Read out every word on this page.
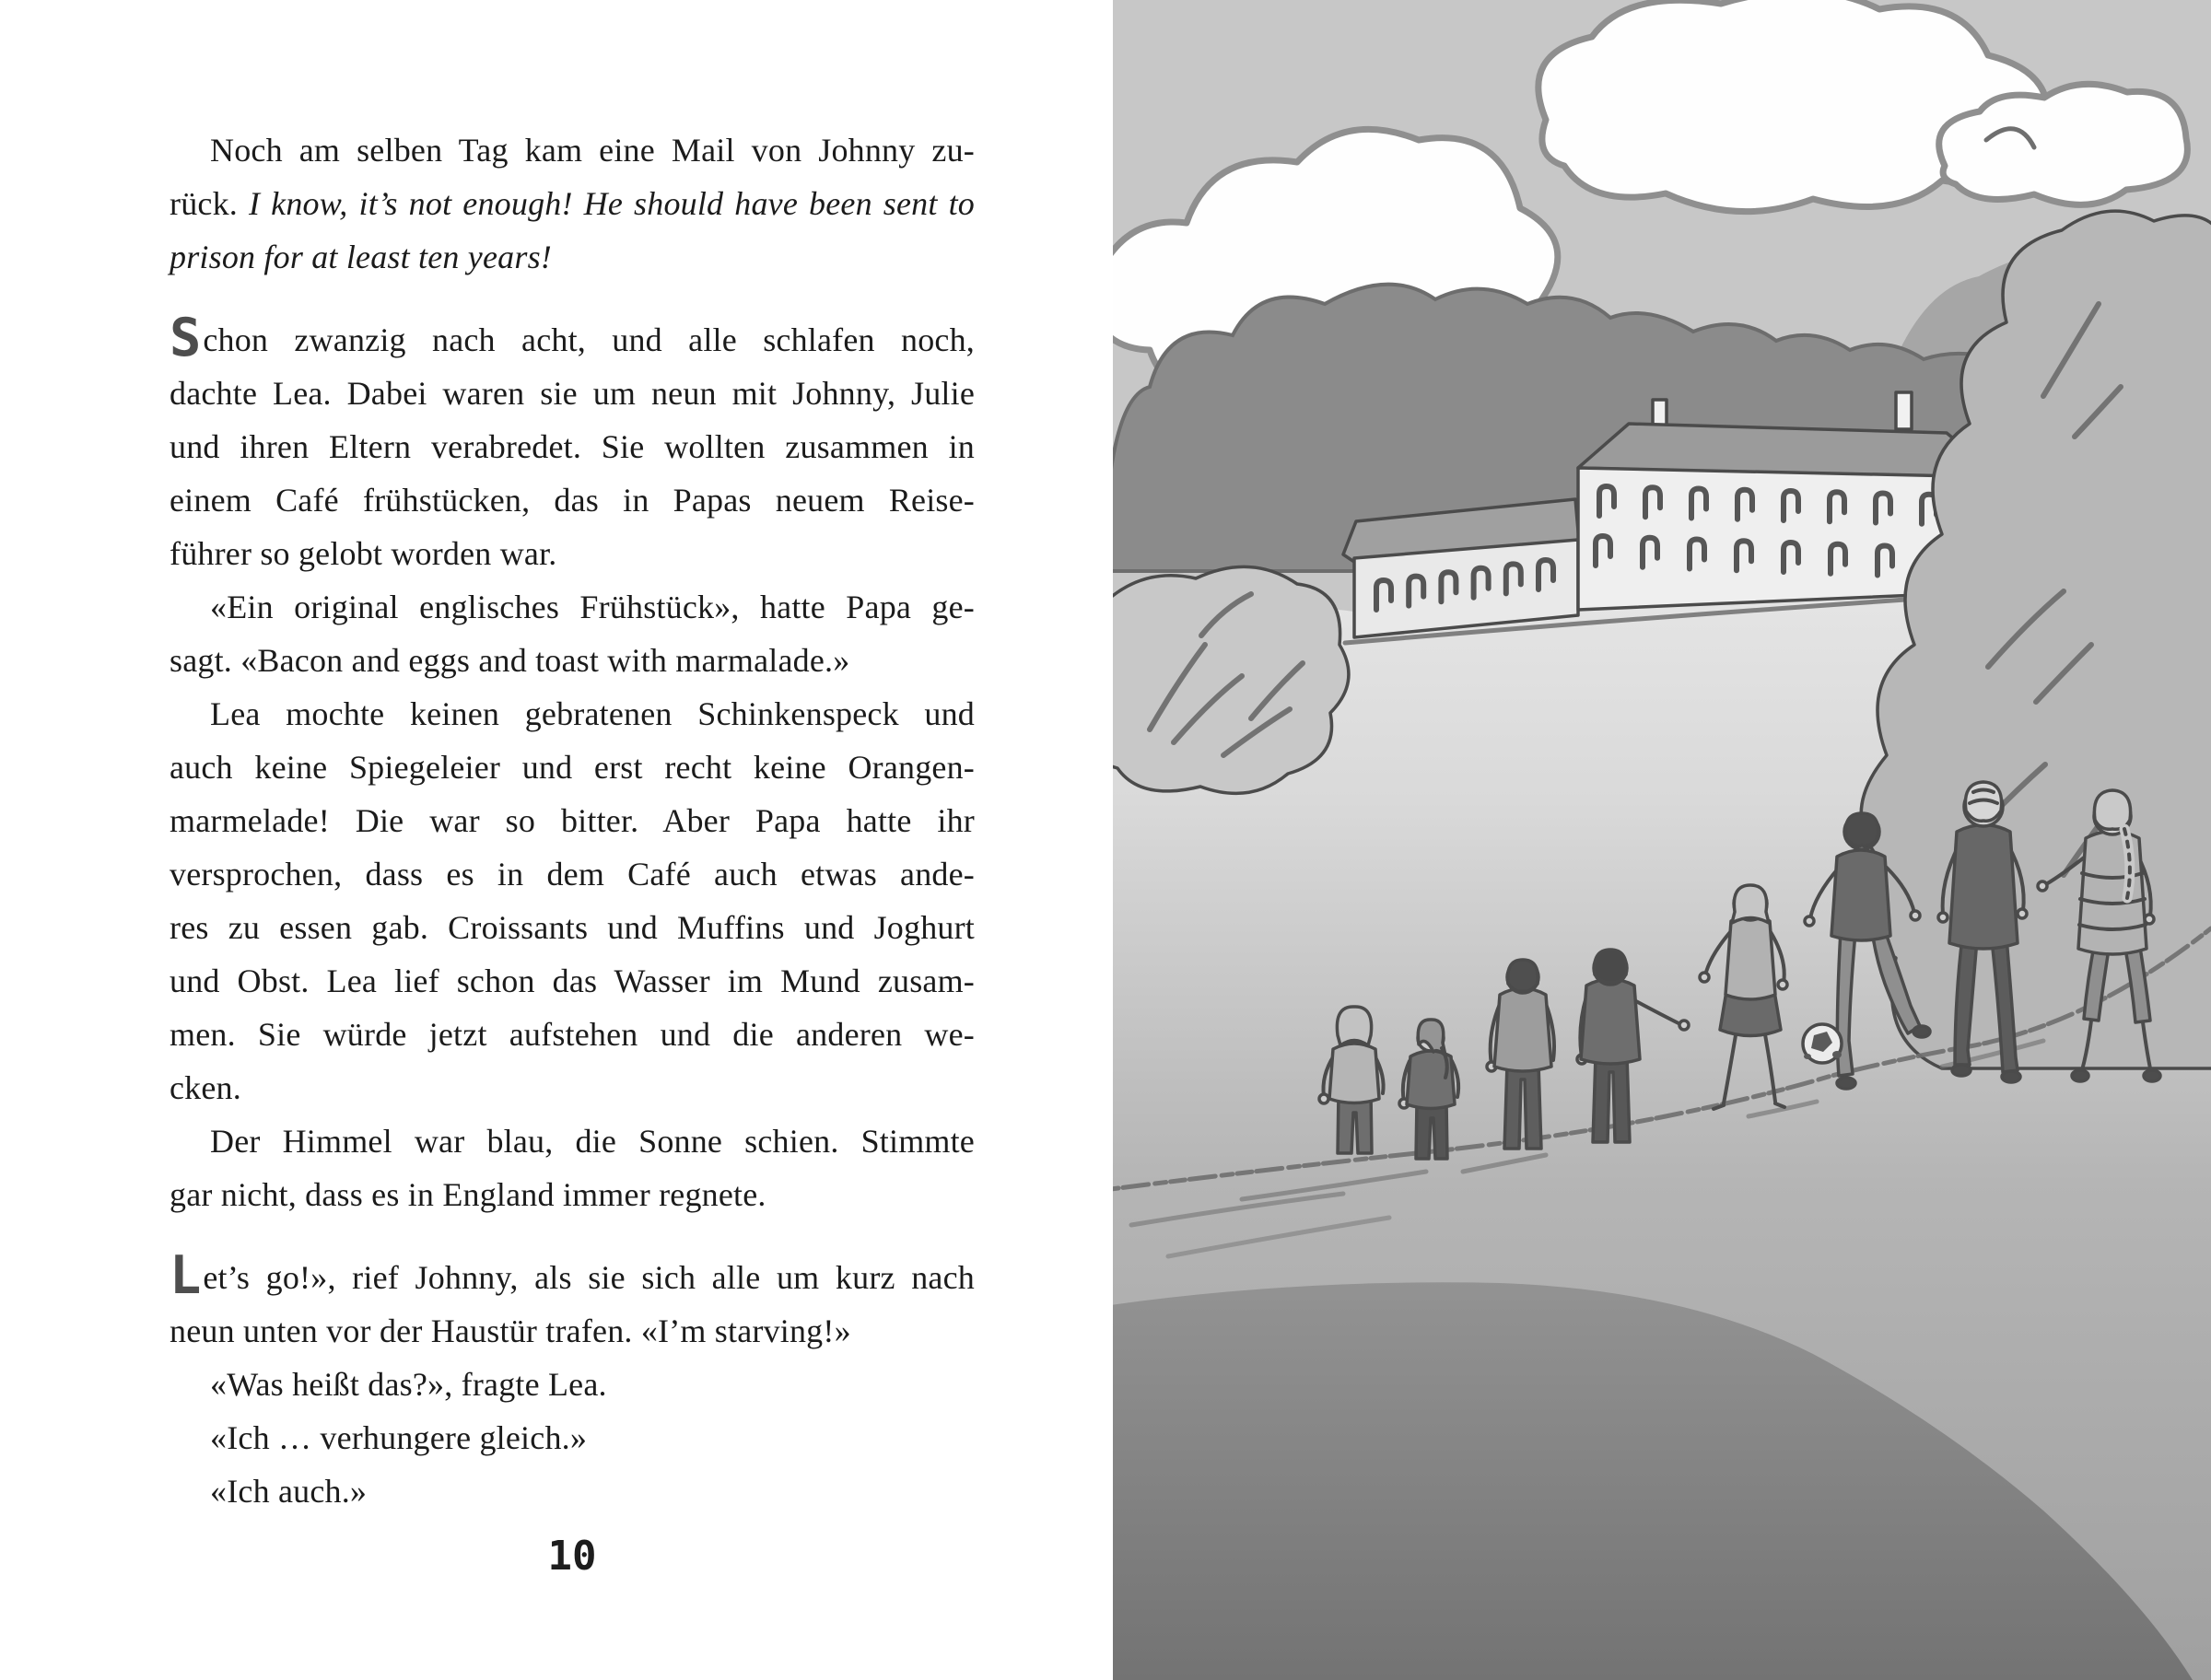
Noch am selben Tag kam eine Mail von Johnny zu-
rück. I know, it’s not enough! He should have been sent to
prison for at least ten years!
Schon zwanzig nach acht, und alle schlafen noch,
dachte Lea. Dabei waren sie um neun mit Johnny, Julie
und ihren Eltern verabredet. Sie wollten zusammen in
einem Café frühstücken, das in Papas neuem Reise-
führer so gelobt worden war.
«Ein original englisches Frühstück», hatte Papa ge-
sagt. «Bacon and eggs and toast with marmalade.»
Lea mochte keinen gebratenen Schinkenspeck und
auch keine Spiegeleier und erst recht keine Orangen-
marmelade! Die war so bitter. Aber Papa hatte ihr
versprochen, dass es in dem Café auch etwas ande-
res zu essen gab. Croissants und Muffins und Joghurt
und Obst. Lea lief schon das Wasser im Mund zusam-
men. Sie würde jetzt aufstehen und die anderen we-
cken.
Der Himmel war blau, die Sonne schien. Stimmte
gar nicht, dass es in England immer regnete.
Let’s go!», rief Johnny, als sie sich alle um kurz nach
neun unten vor der Haustür trafen. «I’m starving!»
«Was heißt das?», fragte Lea.
«Ich … verhungere gleich.»
«Ich auch.»
10
